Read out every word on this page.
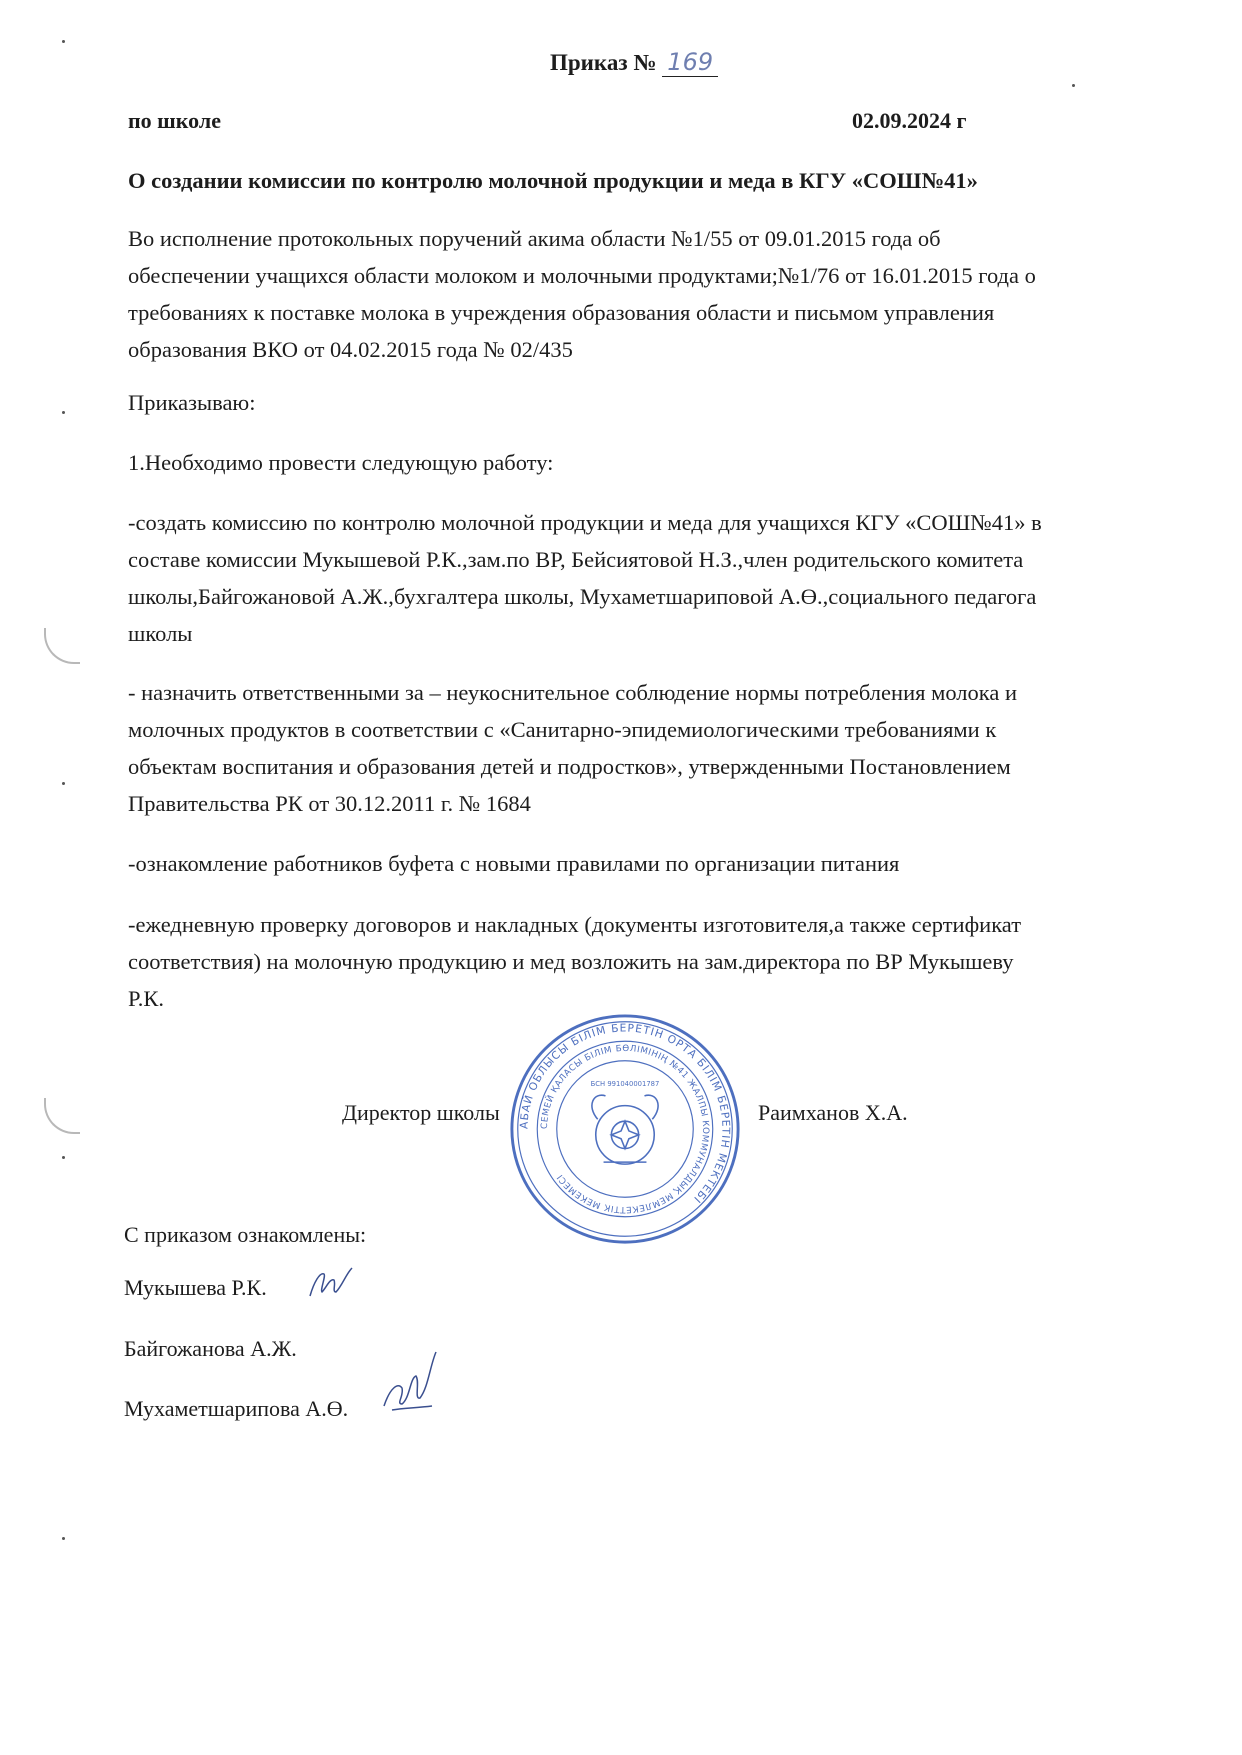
Приказ № 169
по школе	02.09.2024 г
О создании комиссии по контролю молочной продукции и меда в КГУ «СОШ№41»
Во исполнение протокольных поручений акима области №1/55 от 09.01.2015 года об
обеспечении учащихся области молоком и молочными продуктами;№1/76 от 16.01.2015 года о
требованиях к поставке молока в учреждения образования области и письмом управления
образования ВКО от 04.02.2015 года № 02/435
Приказываю:
1.Необходимо провести следующую работу:
-создать комиссию по контролю молочной продукции и меда для учащихся КГУ «СОШ№41» в
составе комиссии Мукышевой Р.К.,зам.по ВР, Бейсиятовой Н.З.,член родительского комитета
школы,Байгожановой А.Ж.,бухгалтера школы, Мухаметшариповой А.Ө.,социального педагога
школы
- назначить ответственными за – неукоснительное соблюдение нормы потребления молока и
молочных продуктов в соответствии с «Санитарно-эпидемиологическими требованиями к
объектам воспитания и образования детей и подростков», утвержденными Постановлением
Правительства РК от 30.12.2011 г. № 1684
-ознакомление работников буфета с новыми правилами по организации питания
-ежедневную проверку договоров и накладных (документы изготовителя,а также сертификат
соответствия) на молочную продукцию и мед возложить на зам.директора по ВР Мукышеву
Р.К.
АБАЙ ОБЛЫСЫ БІЛІМ БЕРЕТІН ОРТА БІЛІМ БЕРЕТІН МЕКТЕБІ
СЕМЕЙ ҚАЛАСЫ БІЛІМ БӨЛІМІНІҢ №41 ЖАЛПЫ КОММУНАЛДЫҚ МЕМЛЕКЕТТІК МЕКЕМЕСІ
БСН 991040001787
Директор школы	Раимханов Х.А.
С приказом ознакомлены:
Мукышева Р.К.
Байгожанова А.Ж.
Мухаметшарипова А.Ө.
